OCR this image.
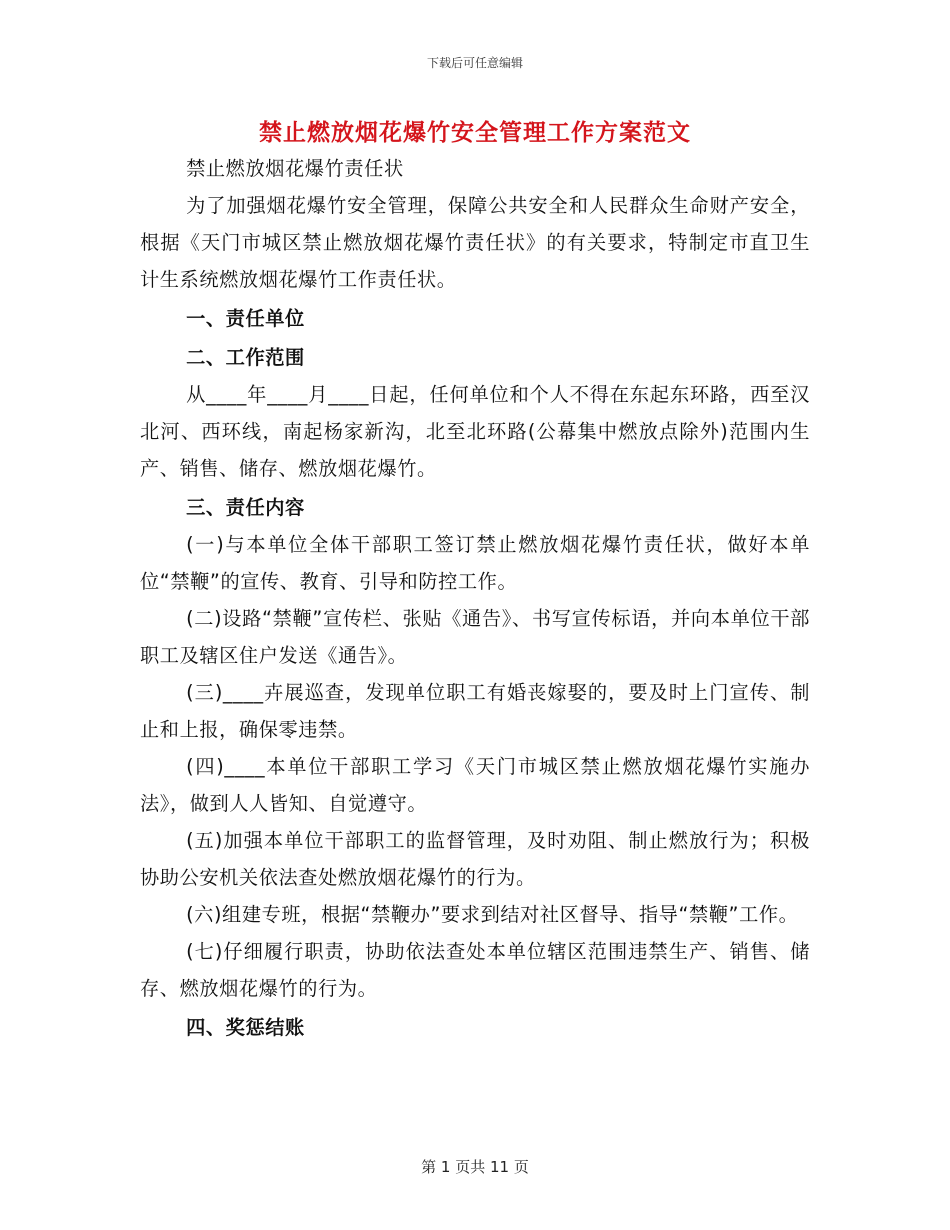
下载后可任意编辑
禁止燃放烟花爆竹安全管理工作方案范文

禁止燃放烟花爆竹责任状

为了加强烟花爆竹安全管理，保障公共安全和人民群众生命财产安全，根据《天门市城区禁止燃放烟花爆竹责任状》的有关要求，特制定市直卫生计生系统燃放烟花爆竹工作责任状。

一、责任单位

二、工作范围

从____年____月____日起，任何单位和个人不得在东起东环路，西至汉北河、西环线，南起杨家新沟，北至北环路(公幕集中燃放点除外)范围内生产、销售、储存、燃放烟花爆竹。

三、责任内容

(一)与本单位全体干部职工签订禁止燃放烟花爆竹责任状，做好本单位“禁鞭”的宣传、教育、引导和防控工作。

(二)设路“禁鞭”宣传栏、张贴《通告》、书写宣传标语，并向本单位干部职工及辖区住户发送《通告》。

(三)____卉展巡查，发现单位职工有婚丧嫁娶的，要及时上门宣传、制止和上报，确保零违禁。

(四)____本单位干部职工学习《天门市城区禁止燃放烟花爆竹实施办法》，做到人人皆知、自觉遵守。

(五)加强本单位干部职工的监督管理，及时劝阻、制止燃放行为；积极协助公安机关依法查处燃放烟花爆竹的行为。

(六)组建专班，根据“禁鞭办”要求到结对社区督导、指导“禁鞭”工作。

(七)仔细履行职责，协助依法查处本单位辖区范围违禁生产、销售、储存、燃放烟花爆竹的行为。

四、奖惩结账

第 1 页共 11 页
